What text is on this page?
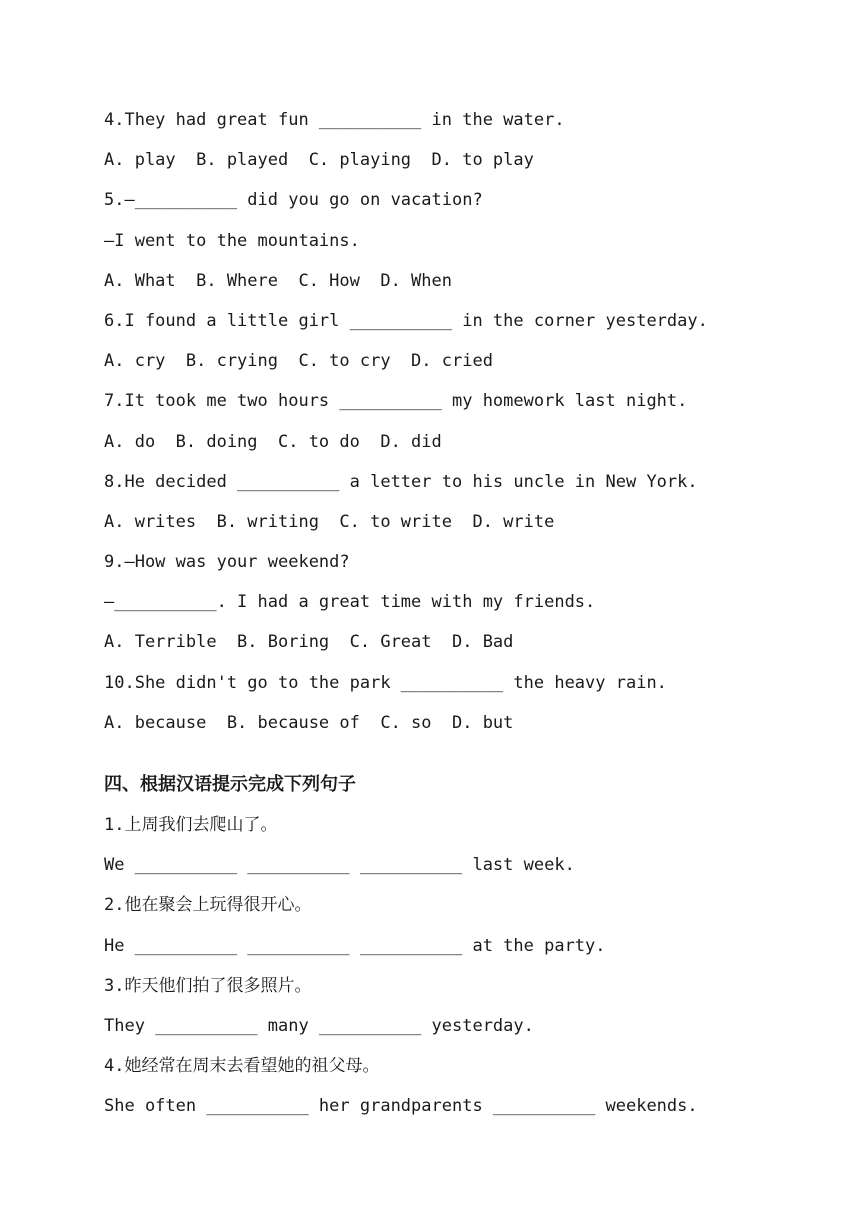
4.They had great fun __________ in the water.
A. play  B. played  C. playing  D. to play
5.—__________ did you go on vacation?
—I went to the mountains.
A. What  B. Where  C. How  D. When
6.I found a little girl __________ in the corner yesterday.
A. cry  B. crying  C. to cry  D. cried
7.It took me two hours __________ my homework last night.
A. do  B. doing  C. to do  D. did
8.He decided __________ a letter to his uncle in New York.
A. writes  B. writing  C. to write  D. write
9.—How was your weekend?
—__________. I had a great time with my friends.
A. Terrible  B. Boring  C. Great  D. Bad
10.She didn't go to the park __________ the heavy rain.
A. because  B. because of  C. so  D. but
四、根据汉语提示完成下列句子
1.上周我们去爬山了。
We __________ __________ __________ last week.
2.他在聚会上玩得很开心。
He __________ __________ __________ at the party.
3.昨天他们拍了很多照片。
They __________ many __________ yesterday.
4.她经常在周末去看望她的祖父母。
She often __________ her grandparents __________ weekends.
